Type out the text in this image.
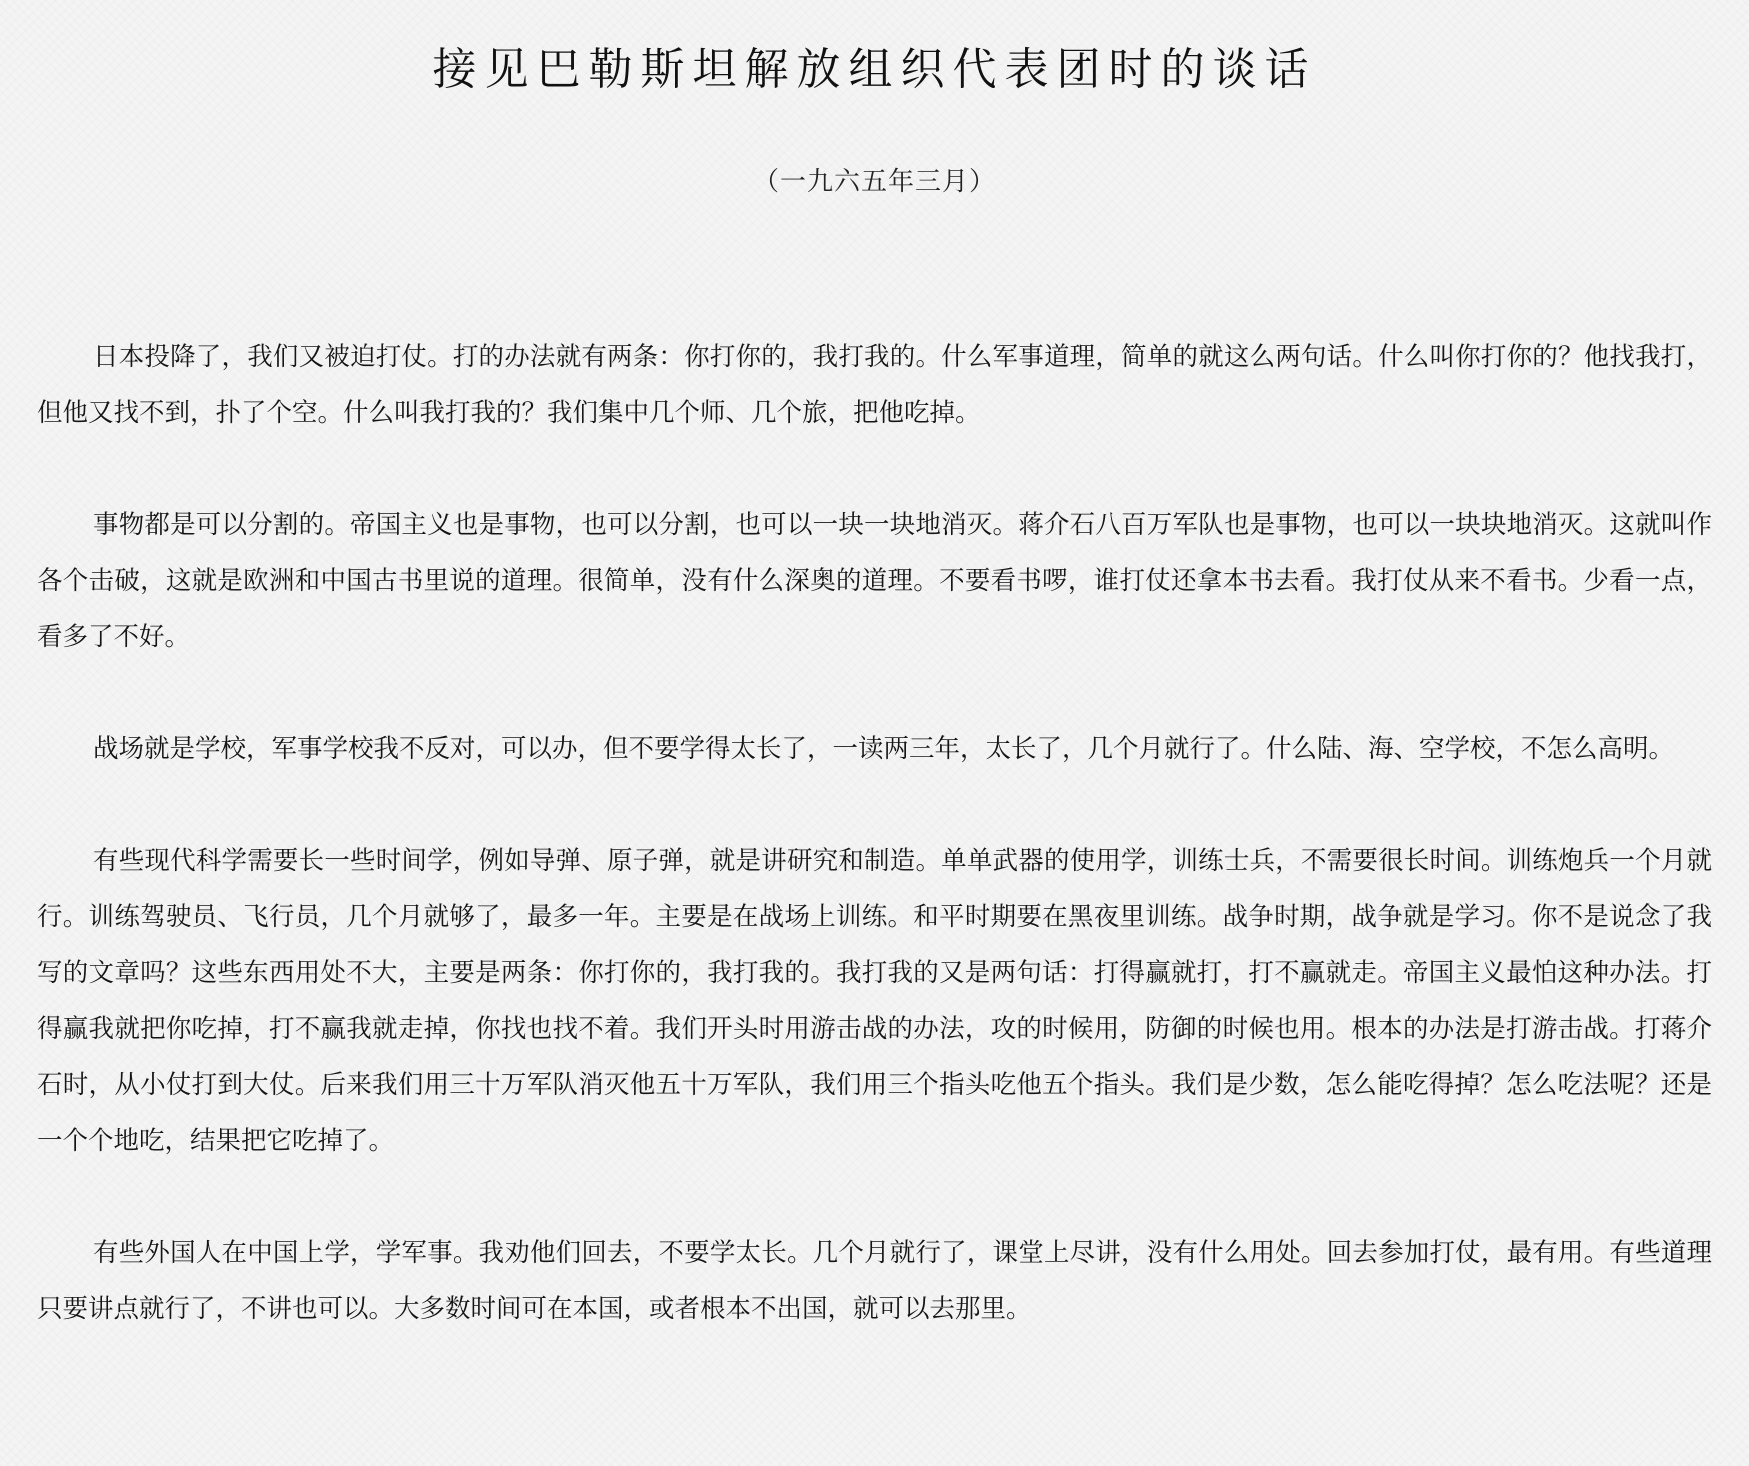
接见巴勒斯坦解放组织代表团时的谈话

（一九六五年三月）

日本投降了，我们又被迫打仗。打的办法就有两条：你打你的，我打我的。什么军事道理，简单的就这么两句话。什么叫你打你的？他找我打，但他又找不到，扑了个空。什么叫我打我的？我们集中几个师、几个旅，把他吃掉。

事物都是可以分割的。帝国主义也是事物，也可以分割，也可以一块一块地消灭。蒋介石八百万军队也是事物，也可以一块块地消灭。这就叫作各个击破，这就是欧洲和中国古书里说的道理。很简单，没有什么深奥的道理。不要看书啰，谁打仗还拿本书去看。我打仗从来不看书。少看一点，看多了不好。

战场就是学校，军事学校我不反对，可以办，但不要学得太长了，一读两三年，太长了，几个月就行了。什么陆、海、空学校，不怎么高明。

有些现代科学需要长一些时间学，例如导弹、原子弹，就是讲研究和制造。单单武器的使用学，训练士兵，不需要很长时间。训练炮兵一个月就行。训练驾驶员、飞行员，几个月就够了，最多一年。主要是在战场上训练。和平时期要在黑夜里训练。战争时期，战争就是学习。你不是说念了我写的文章吗？这些东西用处不大，主要是两条：你打你的，我打我的。我打我的又是两句话：打得赢就打，打不赢就走。帝国主义最怕这种办法。打得赢我就把你吃掉，打不赢我就走掉，你找也找不着。我们开头时用游击战的办法，攻的时候用，防御的时候也用。根本的办法是打游击战。打蒋介石时，从小仗打到大仗。后来我们用三十万军队消灭他五十万军队，我们用三个指头吃他五个指头。我们是少数，怎么能吃得掉？怎么吃法呢？还是一个个地吃，结果把它吃掉了。

有些外国人在中国上学，学军事。我劝他们回去，不要学太长。几个月就行了，课堂上尽讲，没有什么用处。回去参加打仗，最有用。有些道理只要讲点就行了，不讲也可以。大多数时间可在本国，或者根本不出国，就可以去那里。
